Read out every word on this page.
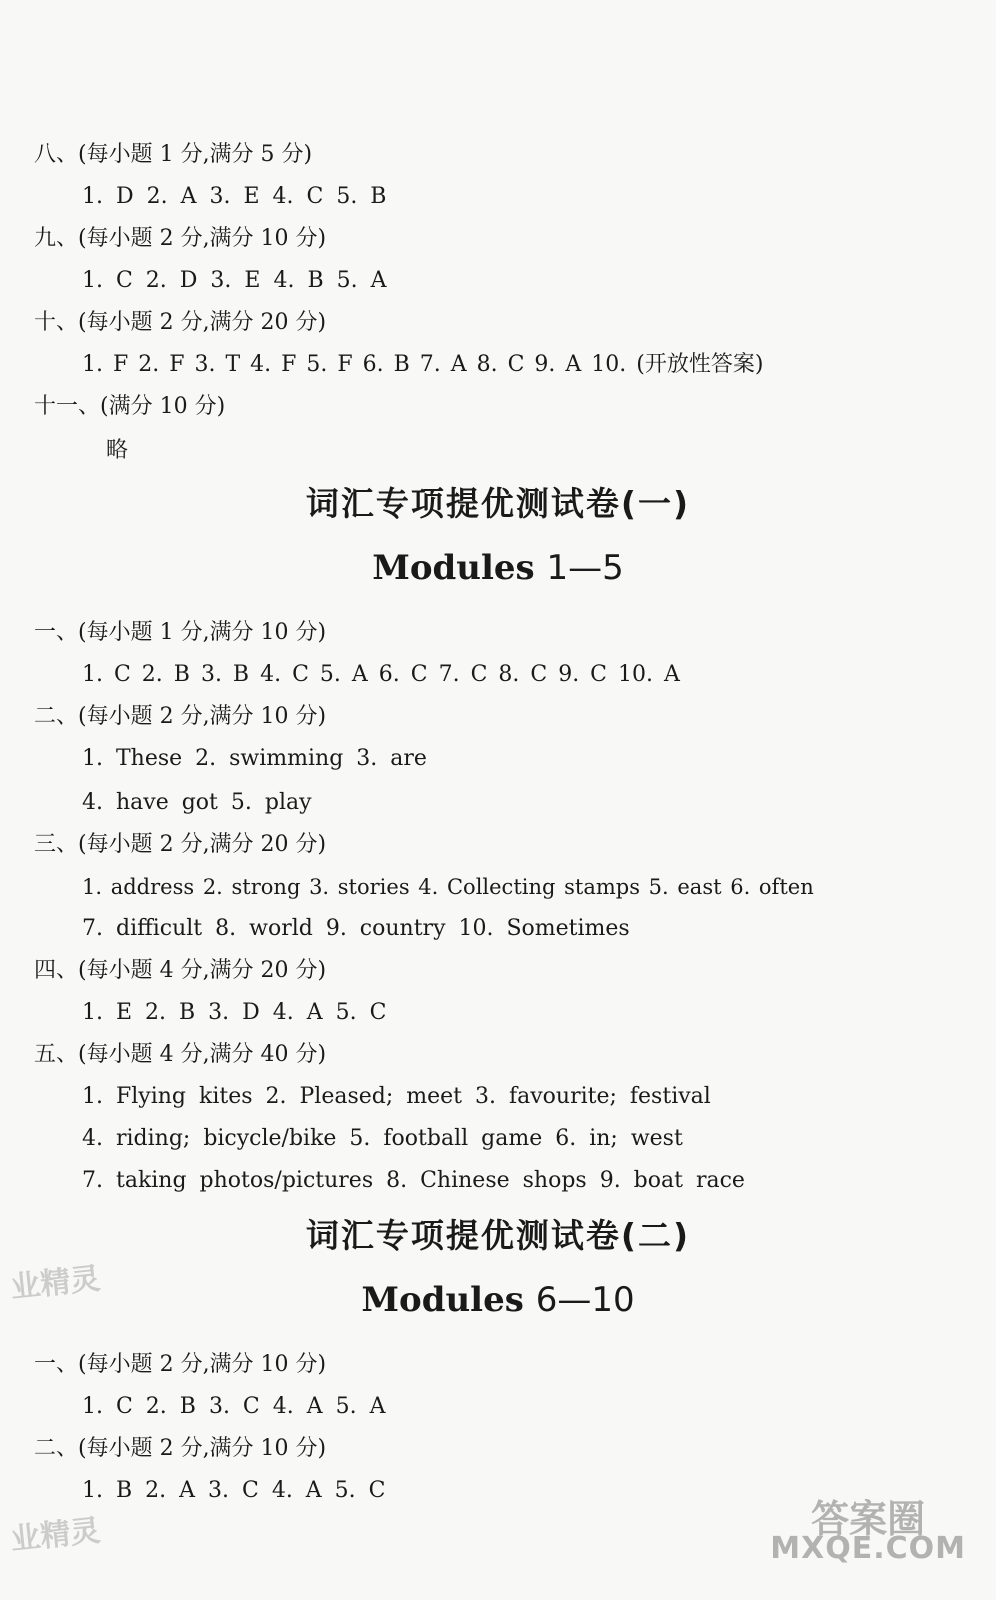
八、(每小题 1 分,满分 5 分)
1. D 2. A 3. E 4. C 5. B
九、(每小题 2 分,满分 10 分)
1. C 2. D 3. E 4. B 5. A
十、(每小题 2 分,满分 20 分)
1. F 2. F 3. T 4. F 5. F 6. B 7. A 8. C 9. A 10. (开放性答案)
十一、(满分 10 分)
略
词汇专项提优测试卷(一)
Modules 1—5
一、(每小题 1 分,满分 10 分)
1. C 2. B 3. B 4. C 5. A 6. C 7. C 8. C 9. C 10. A
二、(每小题 2 分,满分 10 分)
1. These 2. swimming 3. are
4. have got 5. play
三、(每小题 2 分,满分 20 分)
1. address 2. strong 3. stories 4. Collecting stamps 5. east 6. often
7. difficult 8. world 9. country 10. Sometimes
四、(每小题 4 分,满分 20 分)
1. E 2. B 3. D 4. A 5. C
五、(每小题 4 分,满分 40 分)
1. Flying kites 2. Pleased; meet 3. favourite; festival
4. riding; bicycle/bike 5. football game 6. in; west
7. taking photos/pictures 8. Chinese shops 9. boat race
词汇专项提优测试卷(二)
Modules 6—10
一、(每小题 2 分,满分 10 分)
1. C 2. B 3. C 4. A 5. A
二、(每小题 2 分,满分 10 分)
1. B 2. A 3. C 4. A 5. C
业精灵
业精灵	答案圈
MXQE.COM
